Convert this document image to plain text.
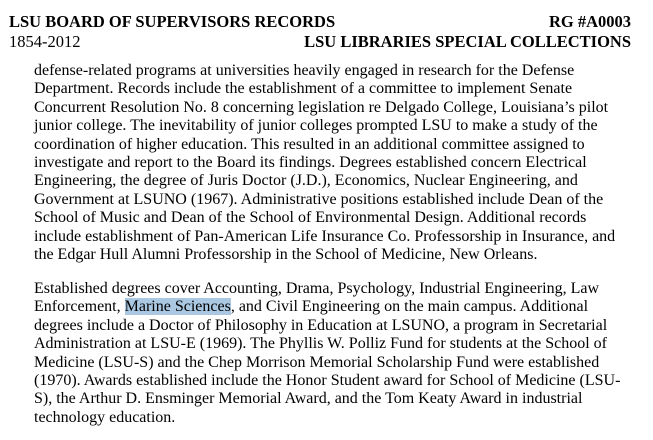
LSU BOARD OF SUPERVISORS RECORDS	RG #A0003
1854-2012	LSU LIBRARIES SPECIAL COLLECTIONS
defense-related programs at universities heavily engaged in research for the Defense
Department. Records include the establishment of a committee to implement Senate
Concurrent Resolution No. 8 concerning legislation re Delgado College, Louisiana’s pilot
junior college. The inevitability of junior colleges prompted LSU to make a study of the
coordination of higher education. This resulted in an additional committee assigned to
investigate and report to the Board its findings. Degrees established concern Electrical
Engineering, the degree of Juris Doctor (J.D.), Economics, Nuclear Engineering, and
Government at LSUNO (1967). Administrative positions established include Dean of the
School of Music and Dean of the School of Environmental Design. Additional records
include establishment of Pan-American Life Insurance Co. Professorship in Insurance, and
the Edgar Hull Alumni Professorship in the School of Medicine, New Orleans.
Established degrees cover Accounting, Drama, Psychology, Industrial Engineering, Law
Enforcement, Marine Sciences, and Civil Engineering on the main campus. Additional
degrees include a Doctor of Philosophy in Education at LSUNO, a program in Secretarial
Administration at LSU-E (1969). The Phyllis W. Polliz Fund for students at the School of
Medicine (LSU-S) and the Chep Morrison Memorial Scholarship Fund were established
(1970). Awards established include the Honor Student award for School of Medicine (LSU-
S), the Arthur D. Ensminger Memorial Award, and the Tom Keaty Award in industrial
technology education.
